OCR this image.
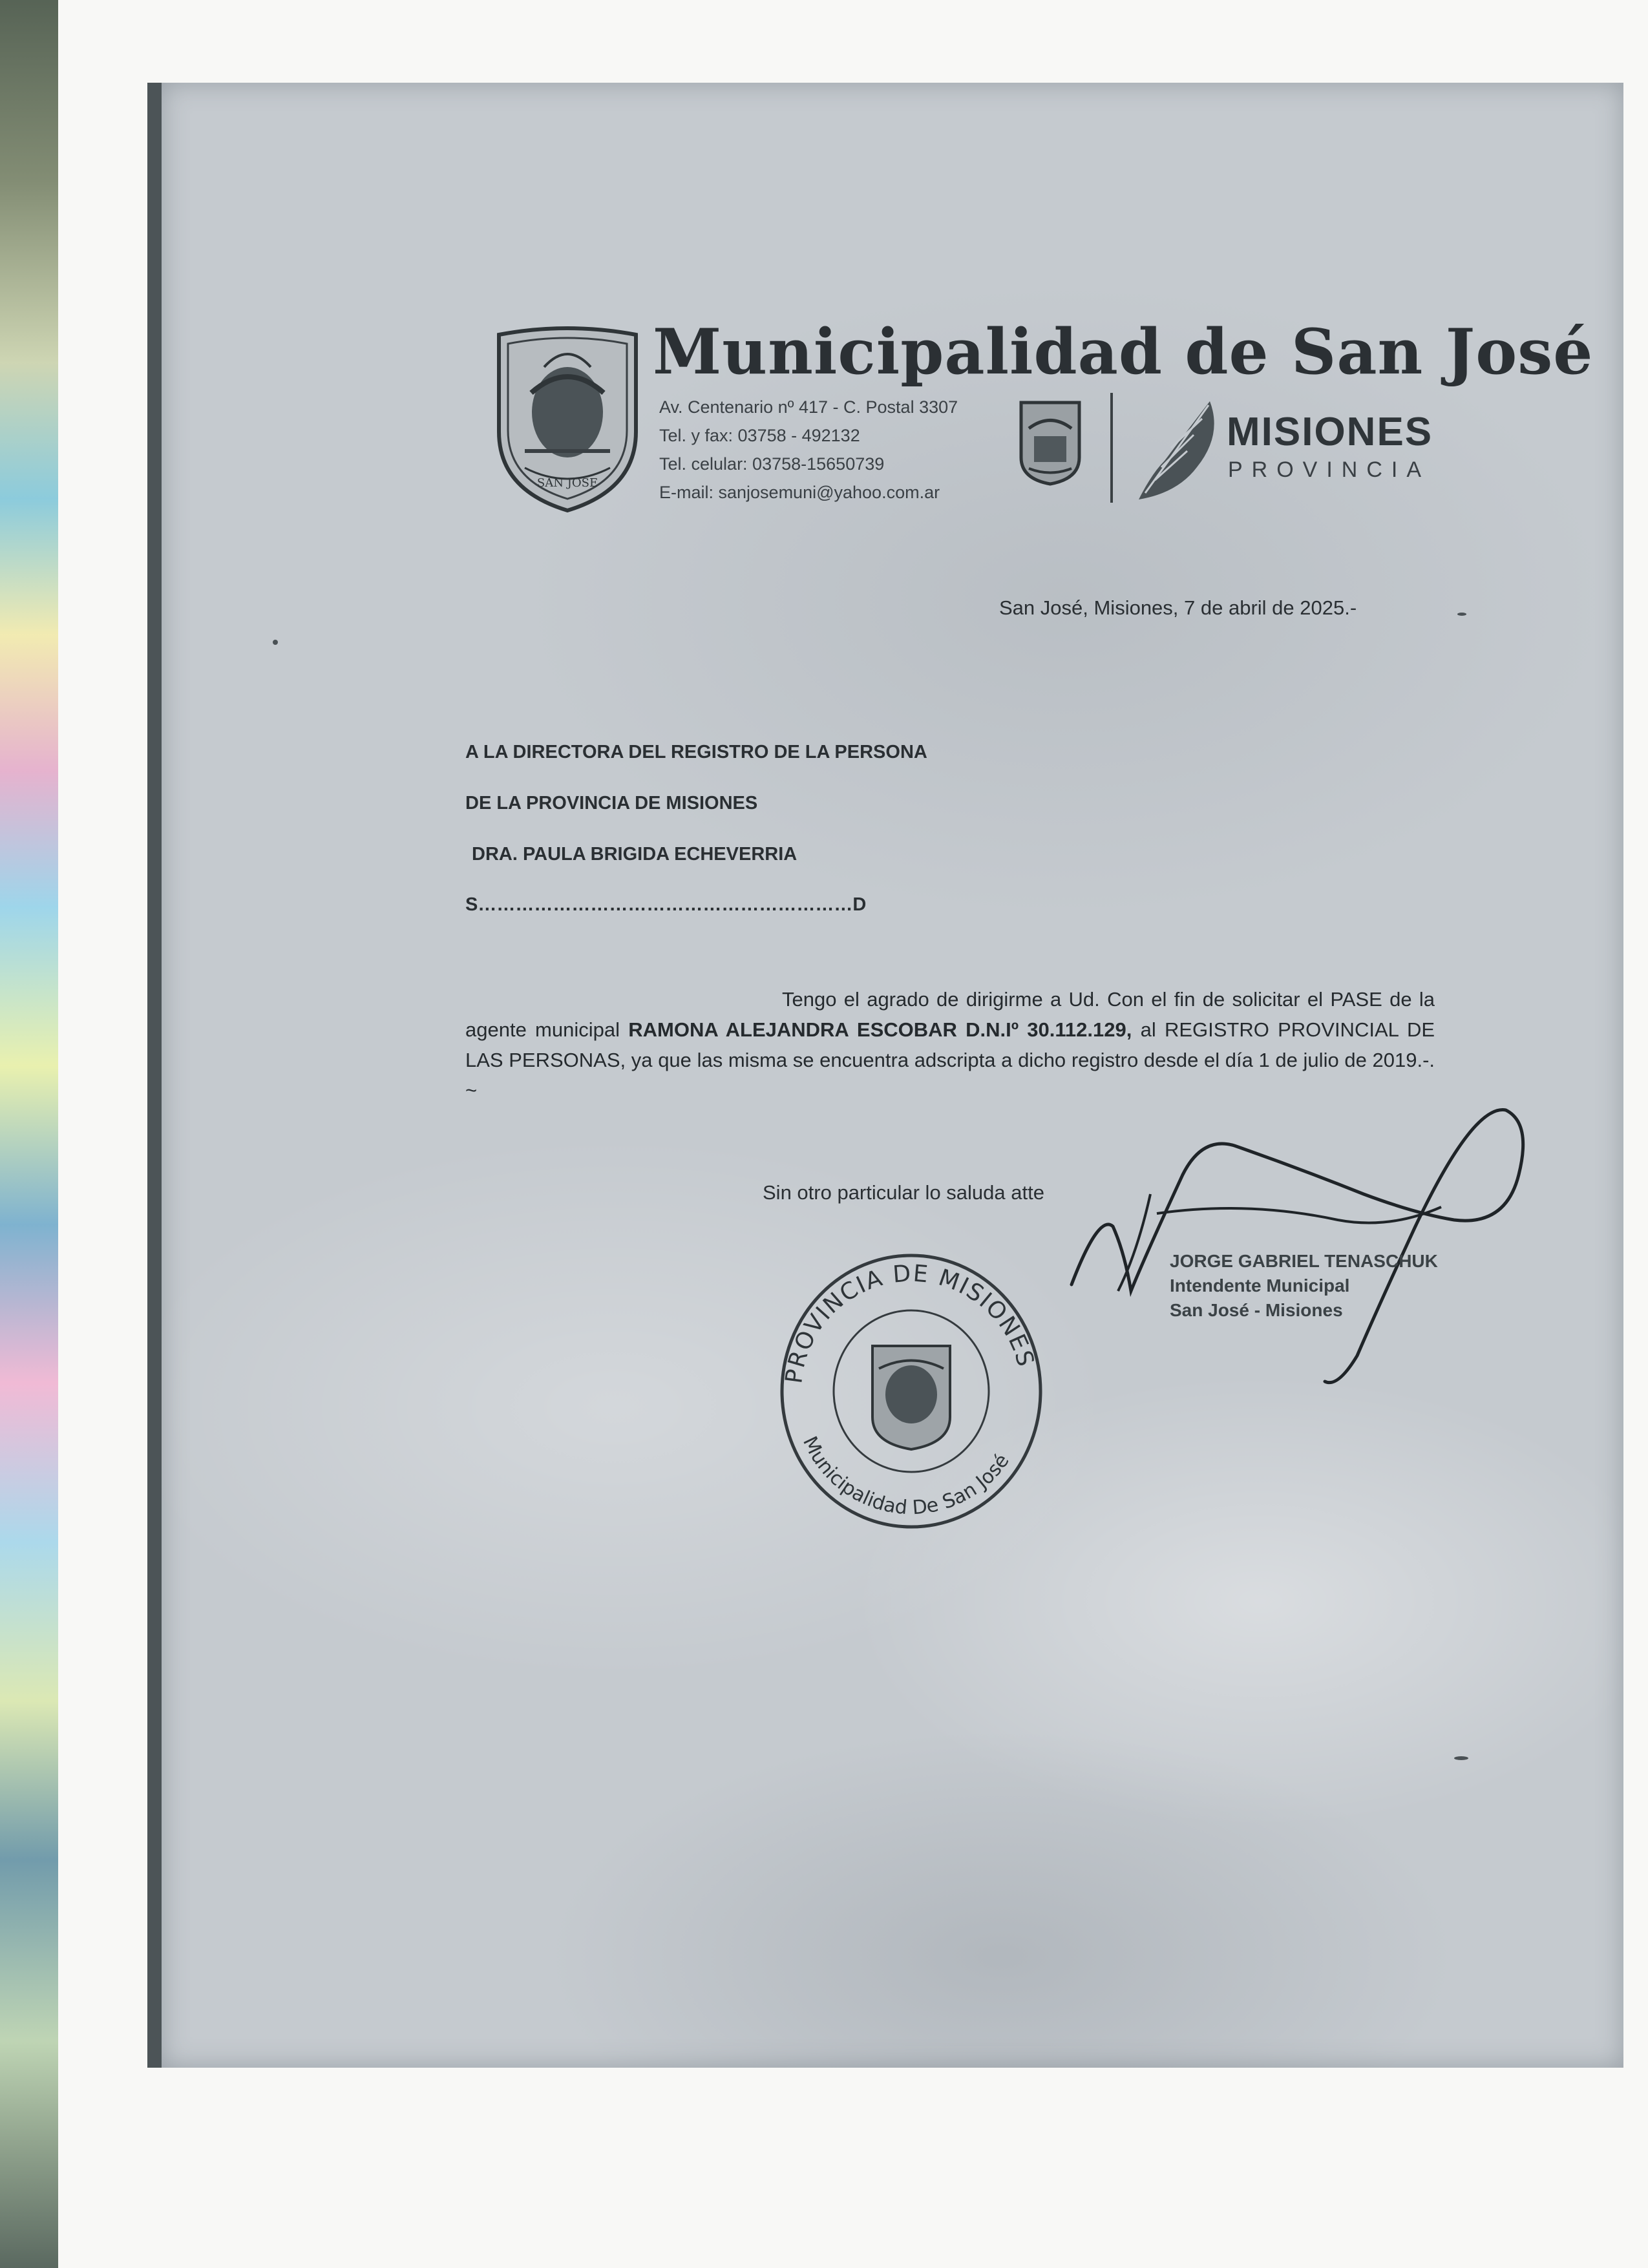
SAN JOSE
Municipalidad de San José
Av. Centenario nº 417 - C. Postal 3307
Tel. y fax: 03758 - 492132
Tel. celular: 03758-15650739
E-mail: sanjosemuni@yahoo.com.ar
MISIONES
PROVINCIA
San José, Misiones, 7 de abril de 2025.-
A LA DIRECTORA DEL REGISTRO DE LA PERSONA
DE LA PROVINCIA DE MISIONES
DRA. PAULA BRIGIDA ECHEVERRIA
S……………………………………………………D
Tengo el agrado de dirigirme a Ud. Con el fin de solicitar el PASE de la agente municipal RAMONA ALEJANDRA ESCOBAR D.N.Iº 30.112.129, al REGISTRO PROVINCIAL DE LAS PERSONAS, ya que las misma se encuentra adscripta a dicho registro desde el día 1 de julio de 2019.-. ~
Sin otro particular lo saluda atte
PROVINCIA DE MISIONES
Municipalidad De San José
JORGE GABRIEL TENASCHUK
Intendente Municipal
San José - Misiones
